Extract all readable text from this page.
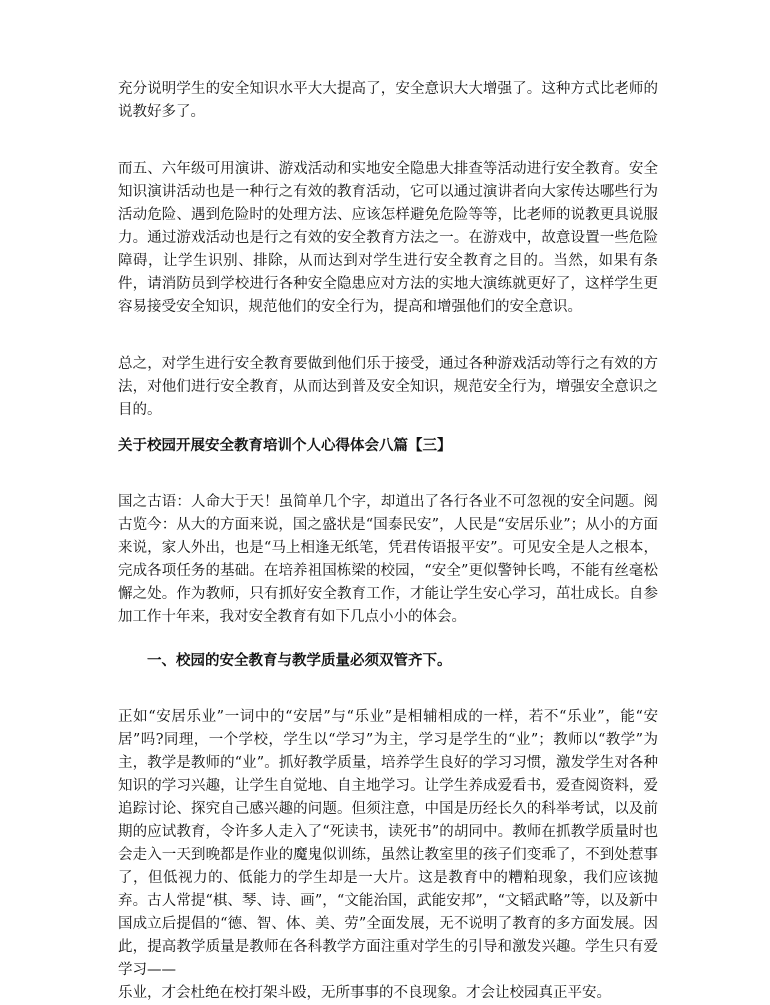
充分说明学生的安全知识水平大大提高了，安全意识大大增强了。这种方式比老师的说教好多了。

而五、六年级可用演讲、游戏活动和实地安全隐患大排查等活动进行安全教育。安全知识演讲活动也是一种行之有效的教育活动，它可以通过演讲者向大家传达哪些行为活动危险、遇到危险时的处理方法、应该怎样避免危险等等，比老师的说教更具说服力。通过游戏活动也是行之有效的安全教育方法之一。在游戏中，故意设置一些危险障碍，让学生识别、排除，从而达到对学生进行安全教育之目的。当然，如果有条件，请消防员到学校进行各种安全隐患应对方法的实地大演练就更好了，这样学生更容易接受安全知识，规范他们的安全行为，提高和增强他们的安全意识。

总之，对学生进行安全教育要做到他们乐于接受，通过各种游戏活动等行之有效的方法，对他们进行安全教育，从而达到普及安全知识，规范安全行为，增强安全意识之目的。

关于校园开展安全教育培训个人心得体会八篇【三】

国之古语：人命大于天！虽简单几个字，却道出了各行各业不可忽视的安全问题。阅古览今：从大的方面来说，国之盛状是“国泰民安”，人民是“安居乐业”；从小的方面来说，家人外出，也是“马上相逢无纸笔，凭君传语报平安”。可见安全是人之根本，完成各项任务的基础。在培养祖国栋梁的校园，“安全”更似警钟长鸣，不能有丝毫松懈之处。作为教师，只有抓好安全教育工作，才能让学生安心学习，茁壮成长。自参加工作十年来，我对安全教育有如下几点小小的体会。

一、校园的安全教育与教学质量必须双管齐下。

正如“安居乐业”一词中的“安居”与“乐业”是相辅相成的一样，若不“乐业”，能“安居”吗?同理，一个学校，学生以“学习”为主，学习是学生的“业”；教师以“教学”为主，教学是教师的“业”。抓好教学质量，培养学生良好的学习习惯，激发学生对各种知识的学习兴趣，让学生自觉地、自主地学习。让学生养成爱看书，爱查阅资料，爱追踪讨论、探究自己感兴趣的问题。但须注意，中国是历经长久的科举考试，以及前期的应试教育，令许多人走入了“死读书，读死书”的胡同中。教师在抓教学质量时也会走入一天到晚都是作业的魔鬼似训练，虽然让教室里的孩子们变乖了，不到处惹事了，但低视力的、低能力的学生却是一大片。这是教育中的糟粕现象，我们应该抛弃。古人常提“棋、琴、诗、画”，“文能治国，武能安邦”，“文韬武略”等，以及新中国成立后提倡的“德、智、体、美、劳”全面发展，无不说明了教育的多方面发展。因此，提高教学质量是教师在各科教学方面注重对学生的引导和激发兴趣。学生只有爱学习——

乐业，才会杜绝在校打架斗殴，无所事事的不良现象。才会让校园真正平安。
